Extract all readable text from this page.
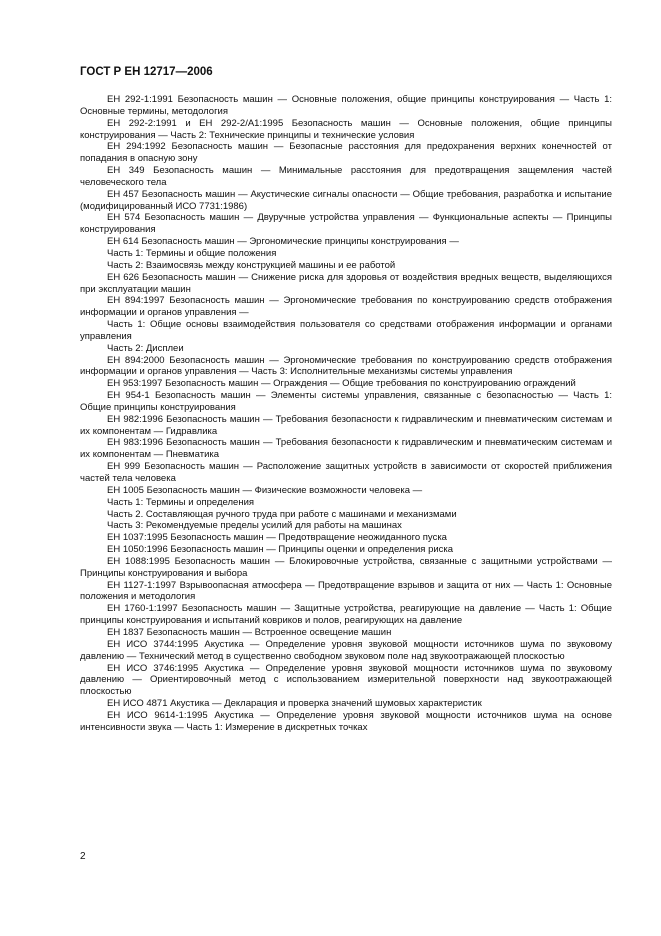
ГОСТ Р ЕН 12717—2006

ЕН 292-1:1991 Безопасность машин — Основные положения, общие принципы конструирования — Часть 1: Основные термины, методология

ЕН 292-2:1991 и ЕН 292-2/А1:1995 Безопасность машин — Основные положения, общие принципы конструирования — Часть 2: Технические принципы и технические условия

ЕН 294:1992 Безопасность машин — Безопасные расстояния для предохранения верхних конечностей от попадания в опасную зону

ЕН 349 Безопасность машин — Минимальные расстояния для предотвращения защемления частей человеческого тела

ЕН 457 Безопасность машин — Акустические сигналы опасности — Общие требования, разработка и испытание (модифицированный ИСО 7731:1986)

ЕН 574 Безопасность машин — Двуручные устройства управления — Функциональные аспекты — Принципы конструирования

ЕН 614 Безопасность машин — Эргономические принципы конструирования —

Часть 1: Термины и общие положения

Часть 2: Взаимосвязь между конструкцией машины и ее работой

ЕН 626 Безопасность машин — Снижение риска для здоровья от воздействия вредных веществ, выделяющихся при эксплуатации машин

ЕН 894:1997 Безопасность машин — Эргономические требования по конструированию средств отображения информации и органов управления —

Часть 1: Общие основы взаимодействия пользователя со средствами отображения информации и органами управления

Часть 2: Дисплеи

ЕН 894:2000 Безопасность машин — Эргономические требования по конструированию средств отображения информации и органов управления — Часть 3: Исполнительные механизмы системы управления

ЕН 953:1997 Безопасность машин — Ограждения — Общие требования по конструированию ограждений

ЕН 954-1 Безопасность машин — Элементы системы управления, связанные с безопасностью — Часть 1: Общие принципы конструирования

ЕН 982:1996 Безопасность машин — Требования безопасности к гидравлическим и пневматическим системам и их компонентам — Гидравлика

ЕН 983:1996 Безопасность машин — Требования безопасности к гидравлическим и пневматическим системам и их компонентам — Пневматика

ЕН 999 Безопасность машин — Расположение защитных устройств в зависимости от скоростей приближения частей тела человека

ЕН 1005 Безопасность машин — Физические возможности человека —

Часть 1: Термины и определения

Часть 2. Составляющая ручного труда при работе с машинами и механизмами

Часть 3: Рекомендуемые пределы усилий для работы на машинах

ЕН 1037:1995 Безопасность машин — Предотвращение неожиданного пуска

ЕН 1050:1996 Безопасность машин — Принципы оценки и определения риска

ЕН 1088:1995 Безопасность машин — Блокировочные устройства, связанные с защитными устройствами — Принципы конструирования и выбора

ЕН 1127-1:1997 Взрывоопасная атмосфера — Предотвращение взрывов и защита от них — Часть 1: Основные положения и методология

ЕН 1760-1:1997 Безопасность машин — Защитные устройства, реагирующие на давление — Часть 1: Общие принципы конструирования и испытаний ковриков и полов, реагирующих на давление

ЕН 1837 Безопасность машин — Встроенное освещение машин

ЕН ИСО 3744:1995 Акустика — Определение уровня звуковой мощности источников шума по звуковому давлению — Технический метод в существенно свободном звуковом поле над звукоотражающей плоскостью

ЕН ИСО 3746:1995 Акустика — Определение уровня звуковой мощности источников шума по звуковому давлению — Ориентировочный метод с использованием измерительной поверхности над звукоотражающей плоскостью

ЕН ИСО 4871 Акустика — Декларация и проверка значений шумовых характеристик

ЕН ИСО 9614-1:1995 Акустика — Определение уровня звуковой мощности источников шума на основе интенсивности звука — Часть 1: Измерение в дискретных точках

2
